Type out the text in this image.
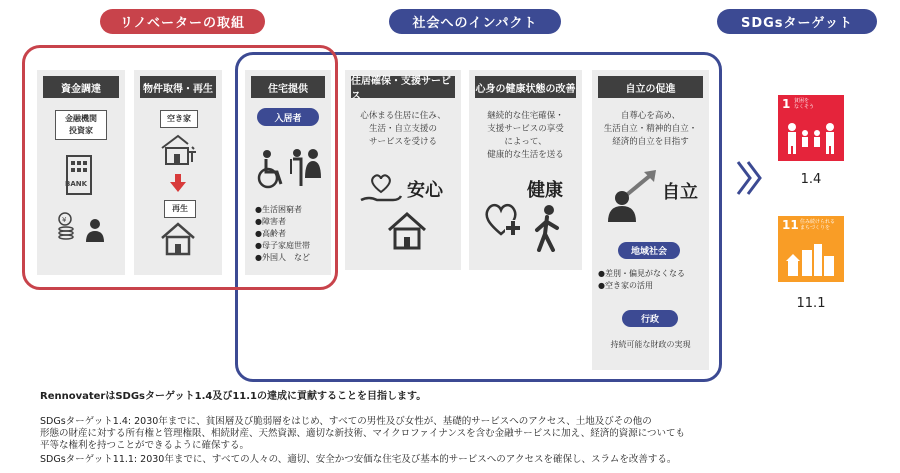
リノベーターの取組	社会へのインパクト	SDGsターゲット
資金調達
金融機関
投資家
BANK
¥
物件取得・再生
空き家
再生
住宅提供
入居者
●生活困窮者
●障害者
●高齢者
●母子家庭世帯
●外国人　など
住居確保・支援サービス
心休まる住居に住み、
生活・自立支援の
サービスを受ける
安心
心身の健康状態の改善
継続的な住宅確保・
支援サービスの享受
によって、
健康的な生活を送る
健康
自立の促進
自尊心を高め、
生活自立・精神的自立・
経済的自立を目指す
自立
地域社会
●差別・偏見がなくなる
●空き家の活用
行政
持続可能な財政の実現
1 貧困を
なくそう
1.4
11 住み続けられる
まちづくりを
11.1
RennovaterはSDGsターゲット1.4及び11.1の達成に貢献することを目指します。
SDGsターゲット1.4: 2030年までに、貧困層及び脆弱層をはじめ、すべての男性及び女性が、基礎的サービスへのアクセス、土地及びその他の
形態の財産に対する所有権と管理権限、相続財産、天然資源、適切な新技術、マイクロファイナンスを含む金融サービスに加え、経済的資源についても
平等な権利を持つことができるように確保する。
SDGsターゲット11.1: 2030年までに、すべての人々の、適切、安全かつ安価な住宅及び基本的サービスへのアクセスを確保し、スラムを改善する。
